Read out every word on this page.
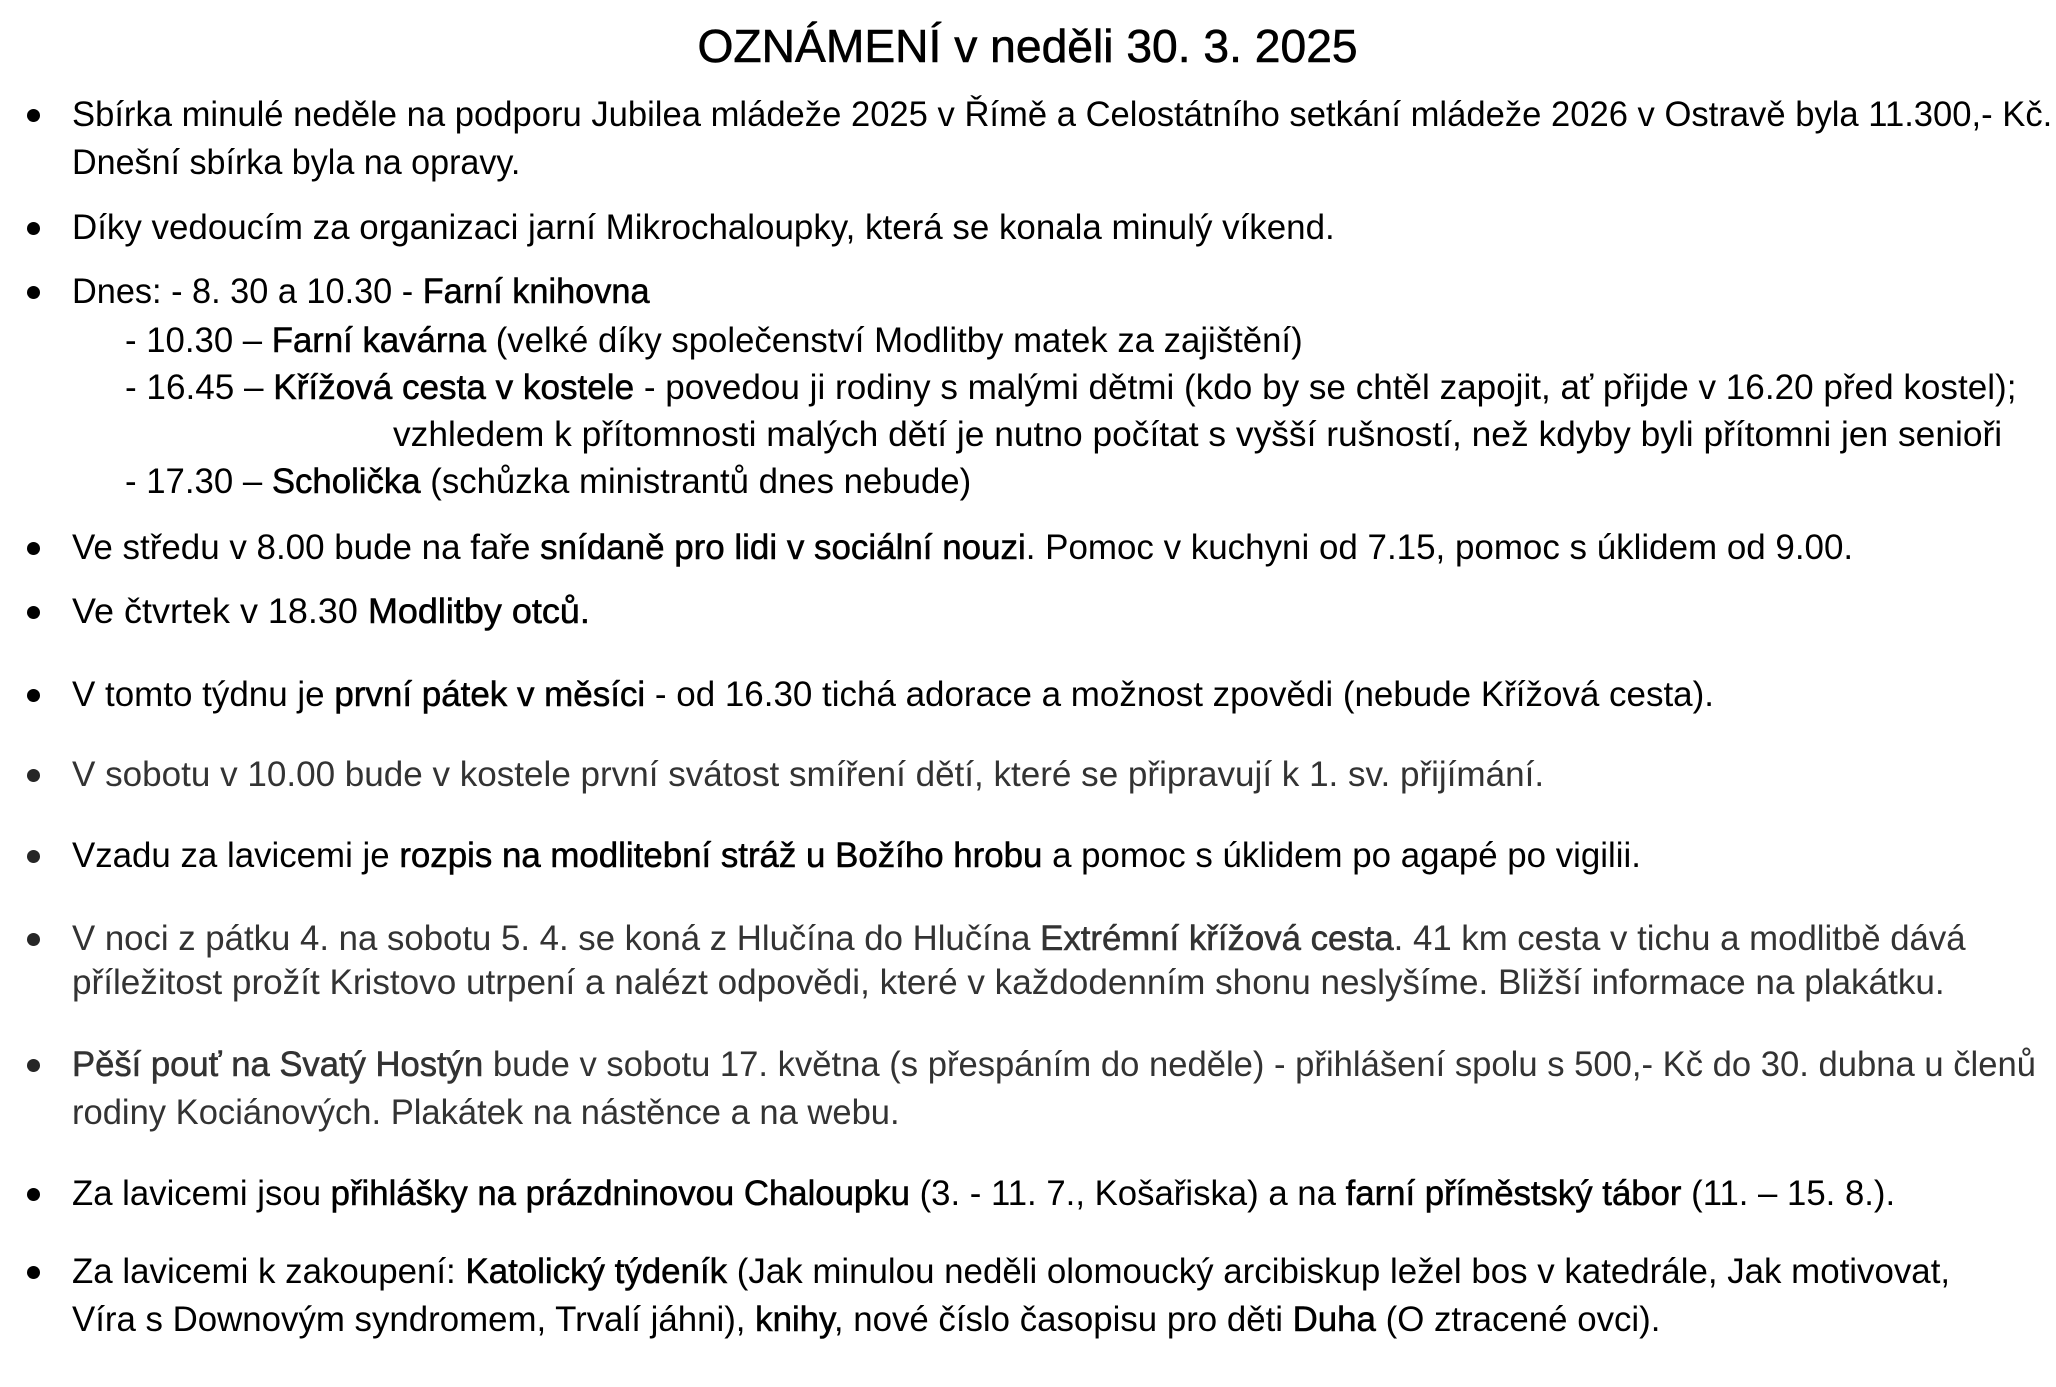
OZNÁMENÍ v neděli 30. 3. 2025
Sbírka minulé neděle na podporu Jubilea mládeže 2025 v Římě a Celostátního setkání mládeže 2026 v Ostravě byla 11.300,- Kč.
Dnešní sbírka byla na opravy.
Díky vedoucím za organizaci jarní Mikrochaloupky, která se konala minulý víkend.
Dnes: - 8. 30 a 10.30 - Farní knihovna
- 10.30 – Farní kavárna (velké díky společenství Modlitby matek za zajištění)
- 16.45 – Křížová cesta v kostele - povedou ji rodiny s malými dětmi (kdo by se chtěl zapojit, ať přijde v 16.20 před kostel);
vzhledem k přítomnosti malých dětí je nutno počítat s vyšší rušností, než kdyby byli přítomni jen senioři
- 17.30 – Scholička (schůzka ministrantů dnes nebude)
Ve středu v 8.00 bude na faře snídaně pro lidi v sociální nouzi. Pomoc v kuchyni od 7.15, pomoc s úklidem od 9.00.
Ve čtvrtek v 18.30 Modlitby otců.
V tomto týdnu je první pátek v měsíci - od 16.30 tichá adorace a možnost zpovědi (nebude Křížová cesta).
V sobotu v 10.00 bude v kostele první svátost smíření dětí, které se připravují k 1. sv. přijímání.
Vzadu za lavicemi je rozpis na modlitební stráž u Božího hrobu a pomoc s úklidem po agapé po vigilii.
V noci z pátku 4. na sobotu 5. 4. se koná z Hlučína do Hlučína Extrémní křížová cesta. 41 km cesta v tichu a modlitbě dává
příležitost prožít Kristovo utrpení a nalézt odpovědi, které v každodenním shonu neslyšíme. Bližší informace na plakátku.
Pěší pouť na Svatý Hostýn bude v sobotu 17. května (s přespáním do neděle) - přihlášení spolu s 500,- Kč do 30. dubna u členů
rodiny Kociánových. Plakátek na nástěnce a na webu.
Za lavicemi jsou přihlášky na prázdninovou Chaloupku (3. - 11. 7., Košařiska) a na farní příměstský tábor (11. – 15. 8.).
Za lavicemi k zakoupení: Katolický týdeník (Jak minulou neděli olomoucký arcibiskup ležel bos v katedrále, Jak motivovat,
Víra s Downovým syndromem, Trvalí jáhni), knihy, nové číslo časopisu pro děti Duha (O ztracené ovci).
